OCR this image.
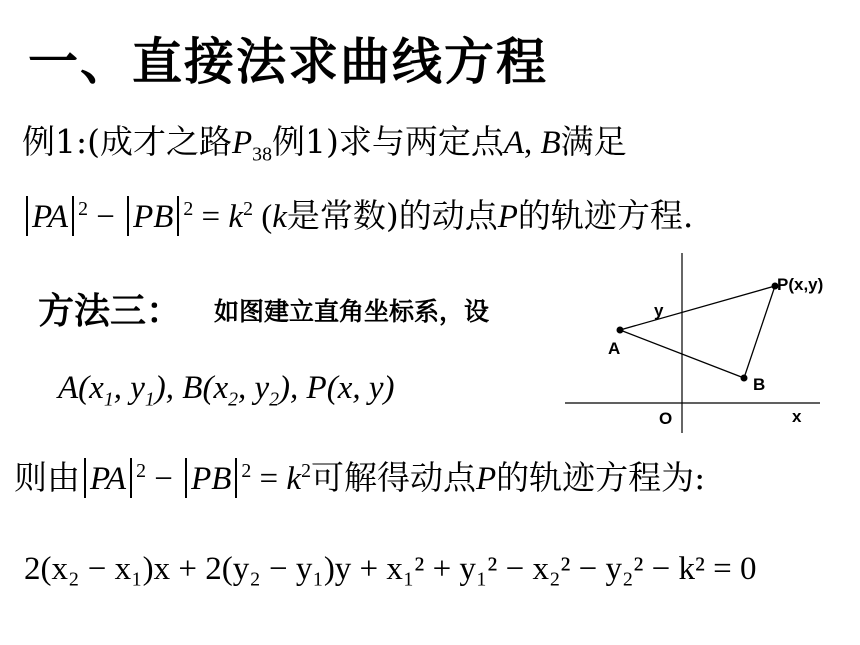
一、直接法求曲线方程
例1:(成才之路$P_{38}$例1)求与两定点A, B满足
PA $^2$ − PB $^2 = k^2$ (k是常数)的动点P的轨迹方程.
方法三： 如图建立直角坐标系，设
$A(x_1$, $y_1$), $B(x_2$, $y_2$), P(x, y)
则由 PA $^2$ − PB $^2 = k^2$可解得动点P的轨迹方程为:
2(x₂ − x₁)x + 2(y₂ − y₁)y + x₁² + y₁² − x₂² − y₂² − k² = 0
A
B
P(x,y)
O	x
y
